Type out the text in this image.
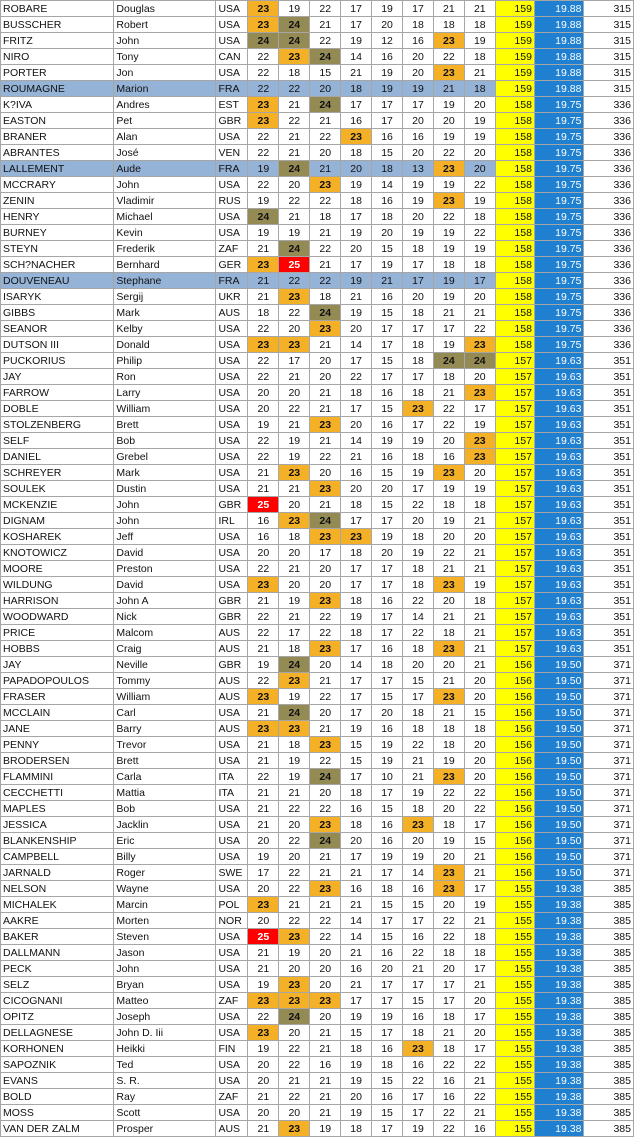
ROBARE	Douglas	USA	23	19	22	17	19	17	21	21	159	19.88	315
BUSSCHER	Robert	USA	23	24	21	17	20	18	18	18	159	19.88	315
FRITZ	John	USA	24	24	22	19	12	16	23	19	159	19.88	315
NIRO	Tony	CAN	22	23	24	14	16	20	22	18	159	19.88	315
PORTER	Jon	USA	22	18	15	21	19	20	23	21	159	19.88	315
ROUMAGNE	Marion	FRA	22	22	20	18	19	19	21	18	159	19.88	315
K?IVA	Andres	EST	23	21	24	17	17	17	19	20	158	19.75	336
EASTON	Pet	GBR	23	22	21	16	17	20	20	19	158	19.75	336
BRANER	Alan	USA	22	21	22	23	16	16	19	19	158	19.75	336
ABRANTES	José	VEN	22	21	20	18	15	20	22	20	158	19.75	336
LALLEMENT	Aude	FRA	19	24	21	20	18	13	23	20	158	19.75	336
MCCRARY	John	USA	22	20	23	19	14	19	19	22	158	19.75	336
ZENIN	Vladimir	RUS	19	22	22	18	16	19	23	19	158	19.75	336
HENRY	Michael	USA	24	21	18	17	18	20	22	18	158	19.75	336
BURNEY	Kevin	USA	19	19	21	19	20	19	19	22	158	19.75	336
STEYN	Frederik	ZAF	21	24	22	20	15	18	19	19	158	19.75	336
SCH?NACHER	Bernhard	GER	23	25	21	17	19	17	18	18	158	19.75	336
DOUVENEAU	Stephane	FRA	21	22	22	19	21	17	19	17	158	19.75	336
ISARYK	Sergij	UKR	21	23	18	21	16	20	19	20	158	19.75	336
GIBBS	Mark	AUS	18	22	24	19	15	18	21	21	158	19.75	336
SEANOR	Kelby	USA	22	20	23	20	17	17	17	22	158	19.75	336
DUTSON III	Donald	USA	23	23	21	14	17	18	19	23	158	19.75	336
PUCKORIUS	Philip	USA	22	17	20	17	15	18	24	24	157	19.63	351
JAY	Ron	USA	22	21	20	22	17	17	18	20	157	19.63	351
FARROW	Larry	USA	20	20	21	18	16	18	21	23	157	19.63	351
DOBLE	William	USA	20	22	21	17	15	23	22	17	157	19.63	351
STOLZENBERG	Brett	USA	19	21	23	20	16	17	22	19	157	19.63	351
SELF	Bob	USA	22	19	21	14	19	19	20	23	157	19.63	351
DANIEL	Grebel	USA	22	19	22	21	16	18	16	23	157	19.63	351
SCHREYER	Mark	USA	21	23	20	16	15	19	23	20	157	19.63	351
SOULEK	Dustin	USA	21	21	23	20	20	17	19	19	157	19.63	351
MCKENZIE	John	GBR	25	20	21	18	15	22	18	18	157	19.63	351
DIGNAM	John	IRL	16	23	24	17	17	20	19	21	157	19.63	351
KOSHAREK	Jeff	USA	16	18	23	23	19	18	20	20	157	19.63	351
KNOTOWICZ	David	USA	20	20	17	18	20	19	22	21	157	19.63	351
MOORE	Preston	USA	22	21	20	17	17	18	21	21	157	19.63	351
WILDUNG	David	USA	23	20	20	17	17	18	23	19	157	19.63	351
HARRISON	John A	GBR	21	19	23	18	16	22	20	18	157	19.63	351
WOODWARD	Nick	GBR	22	21	22	19	17	14	21	21	157	19.63	351
PRICE	Malcom	AUS	22	17	22	18	17	22	18	21	157	19.63	351
HOBBS	Craig	AUS	21	18	23	17	16	18	23	21	157	19.63	351
JAY	Neville	GBR	19	24	20	14	18	20	20	21	156	19.50	371
PAPADOPOULOS	Tommy	AUS	22	23	21	17	17	15	21	20	156	19.50	371
FRASER	William	AUS	23	19	22	17	15	17	23	20	156	19.50	371
MCCLAIN	Carl	USA	21	24	20	17	20	18	21	15	156	19.50	371
JANE	Barry	AUS	23	23	21	19	16	18	18	18	156	19.50	371
PENNY	Trevor	USA	21	18	23	15	19	22	18	20	156	19.50	371
BRODERSEN	Brett	USA	21	19	22	15	19	21	19	20	156	19.50	371
FLAMMINI	Carla	ITA	22	19	24	17	10	21	23	20	156	19.50	371
CECCHETTI	Mattia	ITA	21	21	20	18	17	19	22	22	156	19.50	371
MAPLES	Bob	USA	21	22	22	16	15	18	20	22	156	19.50	371
JESSICA	Jacklin	USA	21	20	23	18	16	23	18	17	156	19.50	371
BLANKENSHIP	Eric	USA	20	22	24	20	16	20	19	15	156	19.50	371
CAMPBELL	Billy	USA	19	20	21	17	19	19	20	21	156	19.50	371
JARNALD	Roger	SWE	17	22	21	21	17	14	23	21	156	19.50	371
NELSON	Wayne	USA	20	22	23	16	18	16	23	17	155	19.38	385
MICHALEK	Marcin	POL	23	21	21	21	15	15	20	19	155	19.38	385
AAKRE	Morten	NOR	20	22	22	14	17	17	22	21	155	19.38	385
BAKER	Steven	USA	25	23	22	14	15	16	22	18	155	19.38	385
DALLMANN	Jason	USA	21	19	20	21	16	22	18	18	155	19.38	385
PECK	John	USA	21	20	20	16	20	21	20	17	155	19.38	385
SELZ	Bryan	USA	19	23	20	21	17	17	17	21	155	19.38	385
CICOGNANI	Matteo	ZAF	23	23	23	17	17	15	17	20	155	19.38	385
OPITZ	Joseph	USA	22	24	20	19	19	16	18	17	155	19.38	385
DELLAGNESE	John D. Iii	USA	23	20	21	15	17	18	21	20	155	19.38	385
KORHONEN	Heikki	FIN	19	22	21	18	16	23	18	17	155	19.38	385
SAPOZNIK	Ted	USA	20	22	16	19	18	16	22	22	155	19.38	385
EVANS	S. R.	USA	20	21	21	19	15	22	16	21	155	19.38	385
BOLD	Ray	ZAF	21	22	21	20	16	17	16	22	155	19.38	385
MOSS	Scott	USA	20	20	21	19	15	17	22	21	155	19.38	385
VAN DER ZALM	Prosper	AUS	21	23	19	18	17	19	22	16	155	19.38	385
